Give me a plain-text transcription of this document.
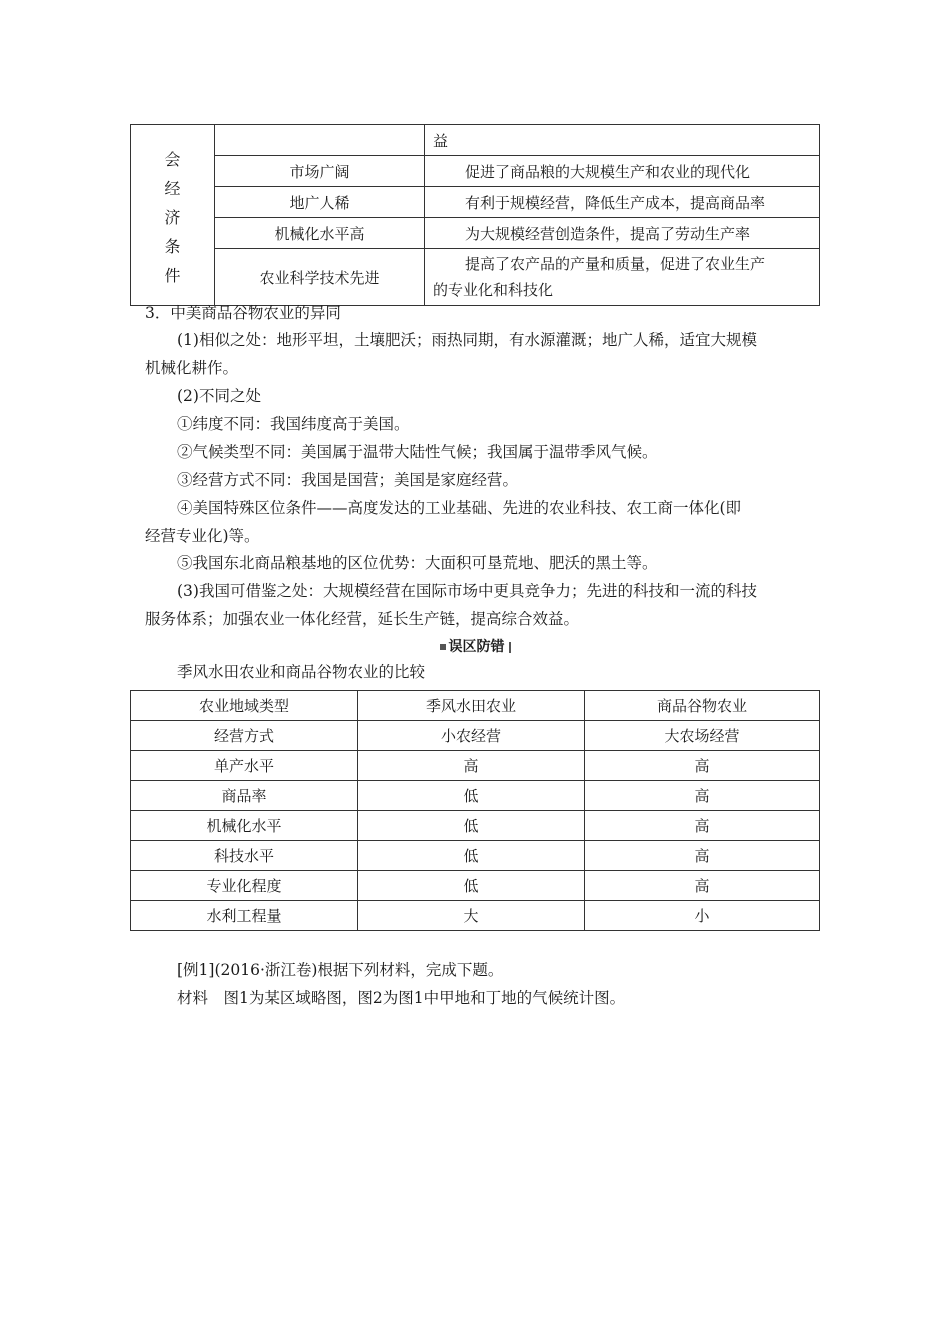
会
经
济
条
件		益
	市场广阔	促进了商品粮的大规模生产和农业的现代化
	地广人稀	有利于规模经营，降低生产成本，提高商品率
	机械化水平高	为大规模经营创造条件，提高了劳动生产率
	农业科学技术先进	提高了农产品的产量和质量，促进了农业生产
的专业化和科技化
3．中美商品谷物农业的异同
(1)相似之处：地形平坦，土壤肥沃；雨热同期，有水源灌溉；地广人稀，适宜大规模
机械化耕作。
(2)不同之处
①纬度不同：我国纬度高于美国。
②气候类型不同：美国属于温带大陆性气候；我国属于温带季风气候。
③经营方式不同：我国是国营；美国是家庭经营。
④美国特殊区位条件——高度发达的工业基础、先进的农业科技、农工商一体化(即
经营专业化)等。
⑤我国东北商品粮基地的区位优势：大面积可垦荒地、肥沃的黑土等。
(3)我国可借鉴之处：大规模经营在国际市场中更具竞争力；先进的科技和一流的科技
服务体系；加强农业一体化经营，延长生产链，提高综合效益。
误区防错
季风水田农业和商品谷物农业的比较
农业地域类型	季风水田农业	商品谷物农业
经营方式	小农经营	大农场经营
单产水平	高	高
商品率	低	高
机械化水平	低	高
科技水平	低	高
专业化程度	低	高
水利工程量	大	小
[例1](2016·浙江卷)根据下列材料，完成下题。
材料　图1为某区域略图，图2为图1中甲地和丁地的气候统计图。
